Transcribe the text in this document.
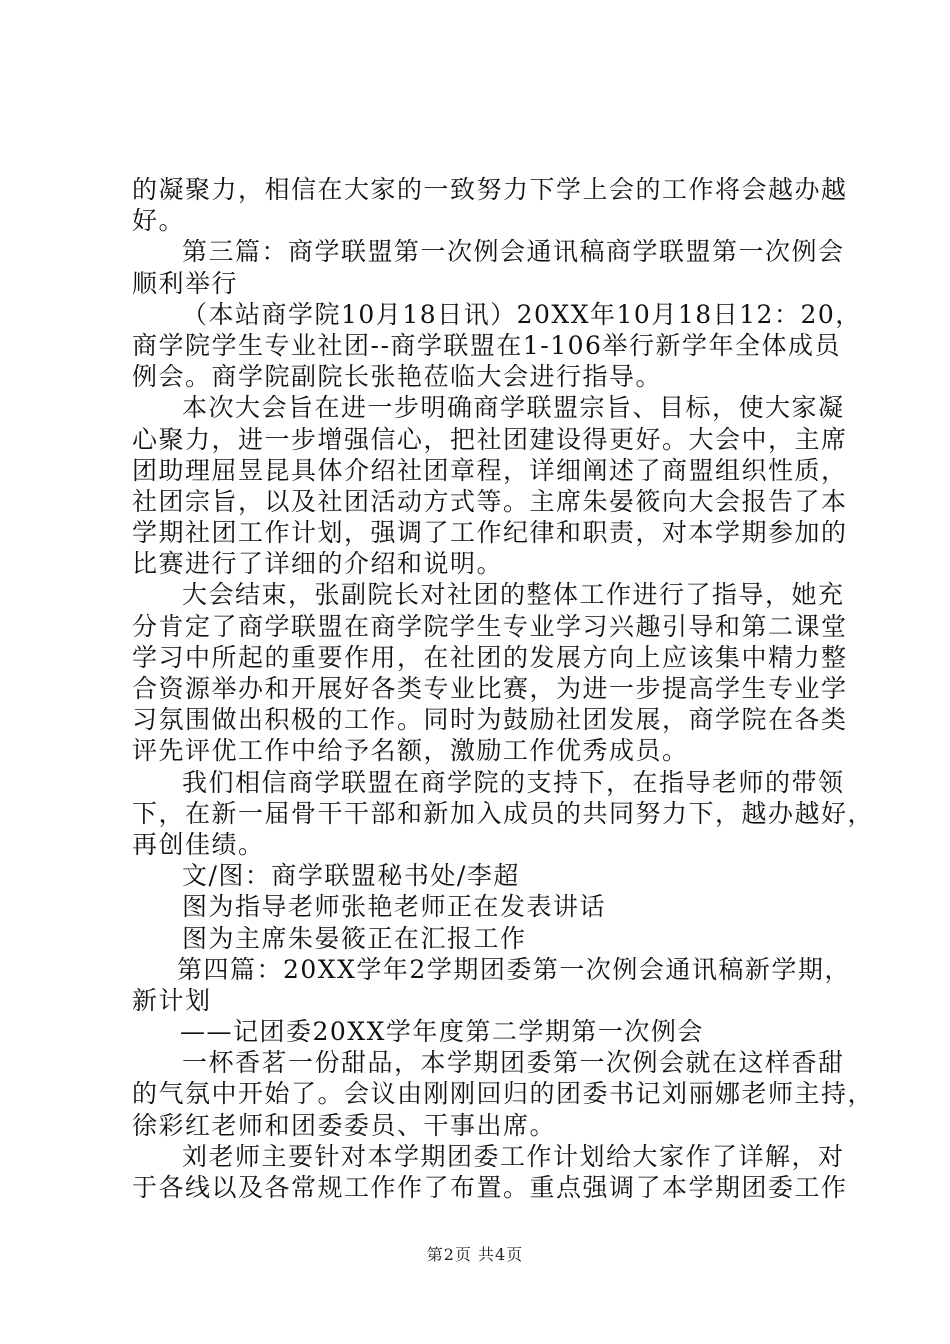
的凝聚力，相信在大家的一致努力下学上会的工作将会越办越
好。
第三篇：商学联盟第一次例会通讯稿商学联盟第一次例会
顺利举行
（本站商学院10月18日讯）20XX年10月18日12：20，
商学院学生专业社团--商学联盟在1-106举行新学年全体成员
例会。商学院副院长张艳莅临大会进行指导。
本次大会旨在进一步明确商学联盟宗旨、目标，使大家凝
心聚力，进一步增强信心，把社团建设得更好。大会中，主席
团助理屈昱昆具体介绍社团章程，详细阐述了商盟组织性质，
社团宗旨，以及社团活动方式等。主席朱晏筱向大会报告了本
学期社团工作计划，强调了工作纪律和职责，对本学期参加的
比赛进行了详细的介绍和说明。
大会结束，张副院长对社团的整体工作进行了指导，她充
分肯定了商学联盟在商学院学生专业学习兴趣引导和第二课堂
学习中所起的重要作用，在社团的发展方向上应该集中精力整
合资源举办和开展好各类专业比赛，为进一步提高学生专业学
习氛围做出积极的工作。同时为鼓励社团发展，商学院在各类
评先评优工作中给予名额，激励工作优秀成员。
我们相信商学联盟在商学院的支持下，在指导老师的带领
下，在新一届骨干干部和新加入成员的共同努力下，越办越好，
再创佳绩。
文/图：商学联盟秘书处/李超
图为指导老师张艳老师正在发表讲话
图为主席朱晏筱正在汇报工作
第四篇：20XX学年2学期团委第一次例会通讯稿新学期，
新计划
——记团委20XX学年度第二学期第一次例会
一杯香茗一份甜品，本学期团委第一次例会就在这样香甜
的气氛中开始了。会议由刚刚回归的团委书记刘丽娜老师主持，
徐彩红老师和团委委员、干事出席。
刘老师主要针对本学期团委工作计划给大家作了详解，对
于各线以及各常规工作作了布置。重点强调了本学期团委工作
第2页 共4页
